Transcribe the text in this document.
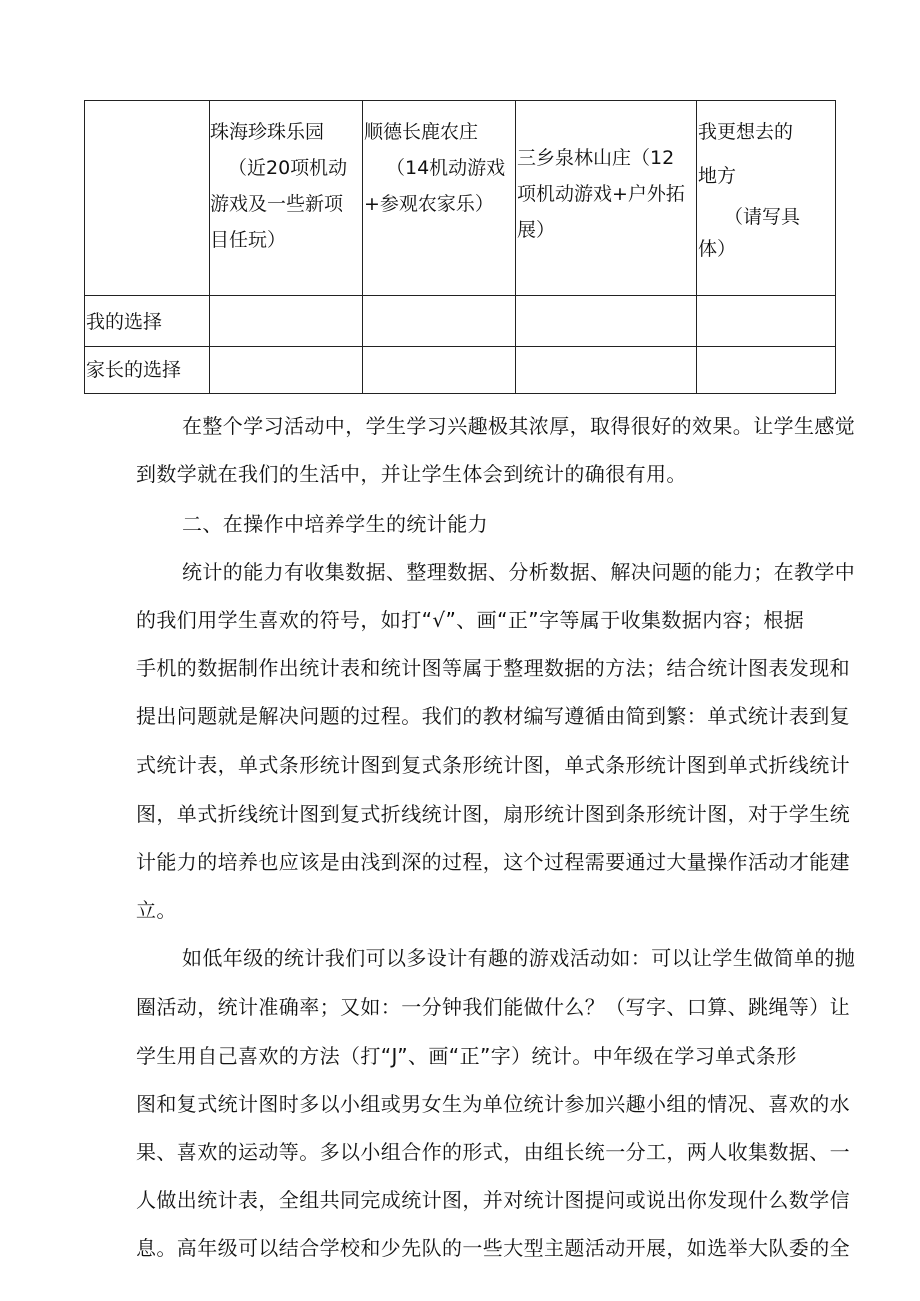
珠海珍珠乐园

（近20项机动

游戏及一些新项

目任玩）

顺德长鹿农庄

（14机动游戏

+参观农家乐）

三乡泉林山庄（12

项机动游戏+户外拓

展）

我更想去的

地方

（请写具

体）

我的选择

家长的选择

在整个学习活动中，学生学习兴趣极其浓厚，取得很好的效果。让学生感觉

到数学就在我们的生活中，并让学生体会到统计的确很有用。

二、在操作中培养学生的统计能力

统计的能力有收集数据、整理数据、分析数据、解决问题的能力；在教学中

的我们用学生喜欢的符号，如打“√”、画“正”字等属于收集数据内容；根据

手机的数据制作出统计表和统计图等属于整理数据的方法；结合统计图表发现和

提出问题就是解决问题的过程。我们的教材编写遵循由简到繁：单式统计表到复

式统计表，单式条形统计图到复式条形统计图，单式条形统计图到单式折线统计

图，单式折线统计图到复式折线统计图，扇形统计图到条形统计图，对于学生统

计能力的培养也应该是由浅到深的过程，这个过程需要通过大量操作活动才能建

立。

如低年级的统计我们可以多设计有趣的游戏活动如：可以让学生做简单的抛

圈活动，统计准确率；又如：一分钟我们能做什么？（写字、口算、跳绳等）让

学生用自己喜欢的方法（打“J”、画“正”字）统计。中年级在学习单式条形

图和复式统计图时多以小组或男女生为单位统计参加兴趣小组的情况、喜欢的水

果、喜欢的运动等。多以小组合作的形式，由组长统一分工，两人收集数据、一

人做出统计表，全组共同完成统计图，并对统计图提问或说出你发现什么数学信

息。高年级可以结合学校和少先队的一些大型主题活动开展，如选举大队委的全
